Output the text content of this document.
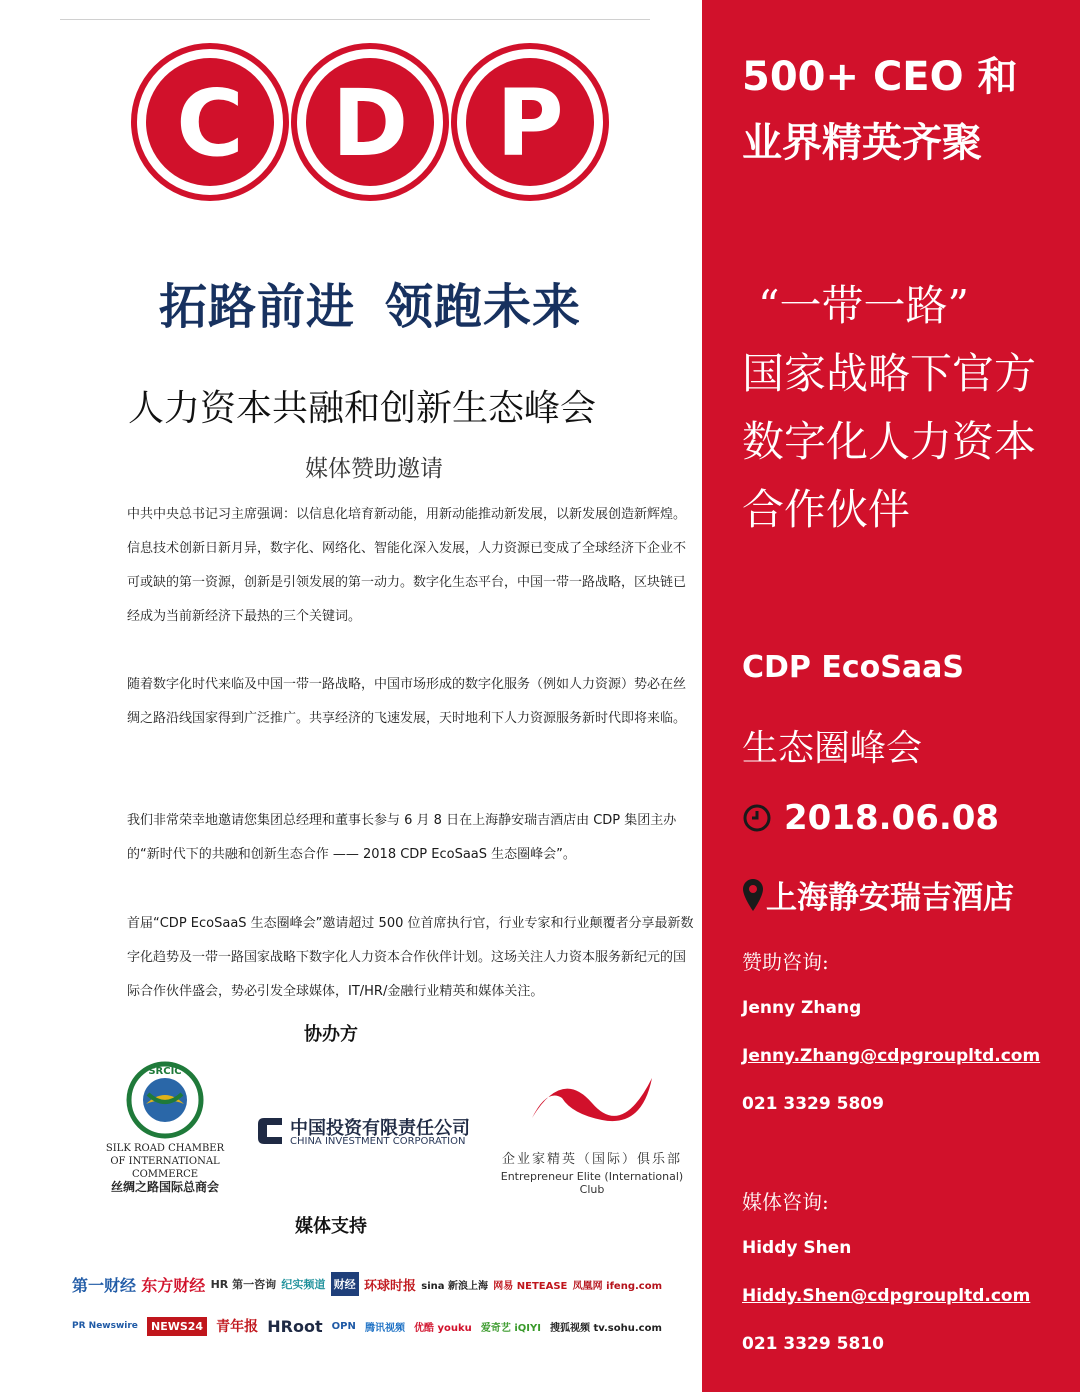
C D P
拓路前进 领跑未来
人力资本共融和创新生态峰会
媒体赞助邀请
中共中央总书记习主席强调：以信息化培育新动能，用新动能推动新发展，以新发展创造新辉煌。信息技术创新日新月异，数字化、网络化、智能化深入发展，人力资源已变成了全球经济下企业不可或缺的第一资源，创新是引领发展的第一动力。数字化生态平台，中国一带一路战略，区块链已经成为当前新经济下最热的三个关键词。
随着数字化时代来临及中国一带一路战略，中国市场形成的数字化服务（例如人力资源）势必在丝绸之路沿线国家得到广泛推广。共享经济的飞速发展，天时地利下人力资源服务新时代即将来临。
我们非常荣幸地邀请您集团总经理和董事长参与 6 月 8 日在上海静安瑞吉酒店由 CDP 集团主办的“新时代下的共融和创新生态合作 —— 2018 CDP EcoSaaS 生态圈峰会”。
首届“CDP EcoSaaS 生态圈峰会”邀请超过 500 位首席执行官，行业专家和行业颠覆者分享最新数字化趋势及一带一路国家战略下数字化人力资本合作伙伴计划。这场关注人力资本服务新纪元的国际合作伙伴盛会，势必引发全球媒体，IT/HR/金融行业精英和媒体关注。
协办方
SRCIC
SILK ROAD CHAMBER
OF INTERNATIONAL COMMERCE
丝绸之路国际总商会
中国投资有限责任公司
CHINA INVESTMENT CORPORATION
企业家精英（国际）俱乐部
Entrepreneur Elite (International) Club
媒体支持
第一财经 东方财经 HR 第一咨询 纪实频道 财经 环球时报 sina 新浪上海 网易 NETEASE 凤凰网 ifeng.com
PR Newswire	NEWS24 青年报 HRoot OPN 腾讯视频 优酷 youku 爱奇艺 iQIYI 搜狐视频 tv.sohu.com
500+ CEO 和业界精英齐聚
“一带一路”
国家战略下官方数字化人力资本合作伙伴
CDP EcoSaaS
生态圈峰会
2018.06.08
上海静安瑞吉酒店
赞助咨询:
Jenny Zhang
Jenny.Zhang@cdpgroupltd.com
021 3329 5809
媒体咨询:
Hiddy Shen
Hiddy.Shen@cdpgroupltd.com
021 3329 5810
